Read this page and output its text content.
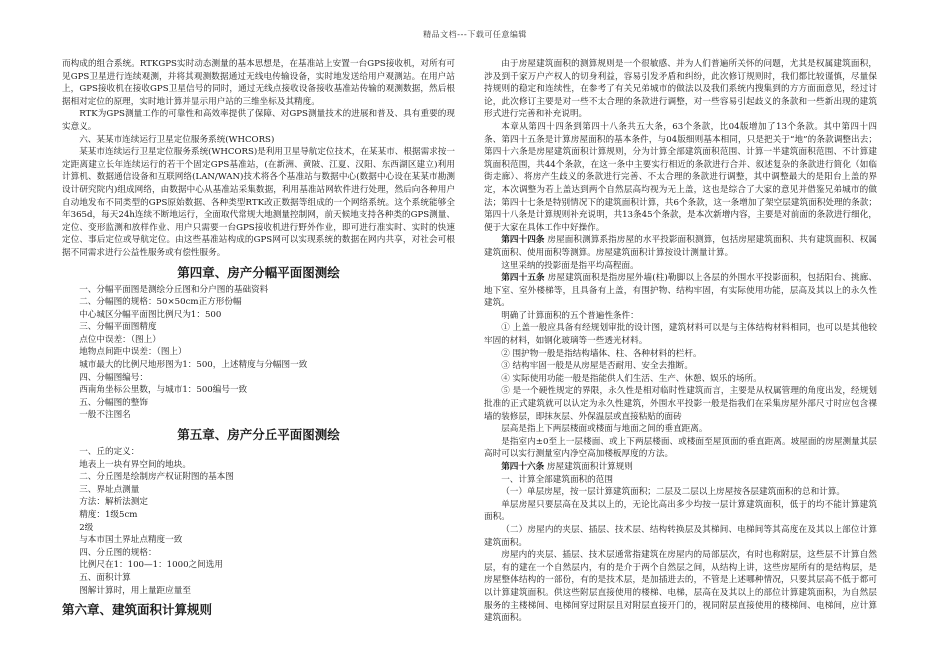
精品文档---下载可任意编辑

而构成的组合系统。RTKGPS实时动态测量的基本思想是，在基准站上安置一台GPS接收机，对所有可见GPS卫星进行连续观测，并将其观测数据通过无线电传输设备，实时地发送给用户观测站。在用户站上，GPS接收机在接收GPS卫星信号的同时，通过无线点接收设备接收基准站传输的观测数据，然后根据相对定位的原理，实时地计算并显示用户站的三维坐标及其精度。

RTK为GPS测量工作的可靠性和高效率提供了保障、对GPS测量技术的进展和普及、具有重要的现实意义。

六、某某市连续运行卫星定位服务系统(WHCORS)

某某市连续运行卫星定位服务系统(WHCORS)是利用卫星导航定位技术，在某某市、根据需求按一定距离建立长年连续运行的若干个固定GPS基准站，(在新洲、黄陂、江夏、汉阳、东西湖区建立)利用计算机、数据通信设备和互联网络(LAN/WAN)技术将各个基准站与数据中心(数据中心设在某某市勘测设计研究院内)组成网络，由数据中心从基准站采集数据，利用基准站网软件进行处理，然后向各种用户自动地发布不同类型的GPS原始数据、各种类型RTK改正数据等组成的一个网络系统。这个系统能够全年365d，每天24h连续不断地运行，全面取代常规大地测量控制网，前天候地支持各种类的GPS测量、定位、变形监测和放样作业、用户只需要一台GPS接收机进行野外作业，即可进行准实时、实时的快速定位、事后定位或导航定位。由这些基准站构成的GPS网可以实现系统的数据在网内共享，对社会可根据不同需求进行公益性服务或有偿性服务。

第四章、房产分幅平面图测绘

一、分幅平面图是测绘分丘图和分户图的基础资料

二、分幅图的规格：50×50cm正方形份幅

中心城区分幅平面图比例尺为1：500

三、分幅平面图精度

点位中误差：（图上）

地物点间距中误差：（图上）

城市最大的比例尺地形图为1：500，上述精度与分幅图一致

四、分幅图编号：

西南角坐标公里数，与城市1：500编号一致

五、分幅图的整饰

一般不注图名

第五章、房产分丘平面图测绘

一、丘的定义：

地表上一块有界空间的地块。

二、分丘图是绘制房产权证附图的基本图

三、界址点测量

方法：解析法测定

精度：1级5cm

2级

与本市国土界址点精度一致

四、分丘图的规格：

比例尺在1：100—1：1000之间选用

五、面积计算

图解计算时，用上量距应量至

第六章、建筑面积计算规则

由于房屋建筑面积的测算规则是一个很敏感、并为人们普遍所关怀的问题，尤其是权属建筑面积，涉及到千家万户产权人的切身利益，容易引发矛盾和纠纷，此次修订规则时，我们都比较谨慎，尽量保持规则的稳定和连续性，在参考了有关兄弟城市的做法以及我们系统内搜集到的方方面面意见，经过讨论，此次修订主要是对一些不太合理的条款进行调整，对一些容易引起歧义的条款和一些新出现的建筑形式进行完善和补充说明。

本章从第四十四条到第四十八条共五大条，63个条款，比04版增加了13个条款。其中第四十四条、第四十五条是计算房屋面积的基本条件，与04版细则基本相同，只是把关于“地”的条款调整出去；第四十六条是房屋建筑面积计算规则，分为计算全部建筑面积范围、计算一半建筑面积范围、不计算建筑面积范围，共44个条款，在这一条中主要实行相近的条款进行合并、叙述复杂的条款进行简化（如临街走廊）、将房产生歧义的条款进行完善、不太合理的条款进行调整，其中调整最大的是阳台上盖的界定，本次调整为若上盖达到两个自然层高均视为无上盖，这也是综合了大家的意见并借鉴兄弟城市的做法；第四十七条是特别情况下的建筑面积计算，共6个条款，这一条增加了架空层建筑面积处理的条款；第四十八条是计算规则补充说明，共13条45个条款，是本次新增内容，主要是对前面的条款进行细化，便于大家在具体工作中好操作。

第四十四条 房屋面积测算系指房屋的水平投影面积测算，包括房屋建筑面积、共有建筑面积、权属建筑面积、使用面积等测算。房屋建筑面积计算按设计测量计算。

这里采纳的投影面是指平均高程面。

第四十五条 房屋建筑面积是指房屋外墙(柱)勒脚以上各层的外围水平投影面积，包括阳台、挑廊、地下室、室外楼梯等，且具备有上盖，有围护物、结构牢固，有实际使用功能，层高及其以上的永久性建筑。

明确了计算面积的五个普遍性条件：

① 上盖一般应具备有经规划审批的设计图，建筑材料可以是与主体结构材料相同，也可以是其他较牢固的材料，如钢化玻璃等一些透光材料。

② 围护物一般是指结构墙体、柱、各种材料的栏杆。

③ 结构牢固一般是从房屋是否耐用、安全去推断。

④ 实际使用功能一般是指能供人们生活、生产、休憩、娱乐的场所。

⑤ 是一个硬性规定的界限，永久性是相对临时性建筑而言，主要是从权属管理的角度出发，经规划批准的正式建筑就可以认定为永久性建筑，外围水平投影一般是指我们在采集房屋外部尺寸时应包含裸墙的装修层，即抹灰层、外保温层或直接粘贴的面砖

层高是指上下两层楼面或楼面与地面之间的垂直距离。

是指室内±0至上一层楼面、或上下两层楼面、或楼面至屋顶面的垂直距离。坡屋面的房屋测量其层高时可以实行测量室内净空高加楼板厚度的方法。

第四十六条 房屋建筑面积计算规则

一、计算全部建筑面积的范围

（一）单层房屋，按一层计算建筑面积；二层及二层以上房屋按各层建筑面积的总和计算。

单层房屋只要层高在及其以上的，无论比高出多少均按一层计算建筑面积，低于的均不能计算建筑面积。

（二）房屋内的夹层、插层、技术层、结构转换层及其梯间、电梯间等其高度在及其以上部位计算建筑面积。

房屋内的夹层、插层、技术层通常指建筑在房屋内的局部层次，有时也称附层，这些层不计算自然层，有的建在一个自然层内，有的是介于两个自然层之间，从结构上讲，这些房屋所有的是结构层，是房屋整体结构的一部份，有的是技术层，是加插进去的，不管是上述哪种情况，只要其层高不低于都可以计算建筑面积。供这些附层直接使用的楼梯、电梯，层高在及其以上的部位计算建筑面积，为自然层服务的主楼梯间、电梯间穿过附层且对附层直接开门的，视同附层直接使用的楼梯间、电梯间，应计算建筑面积。
